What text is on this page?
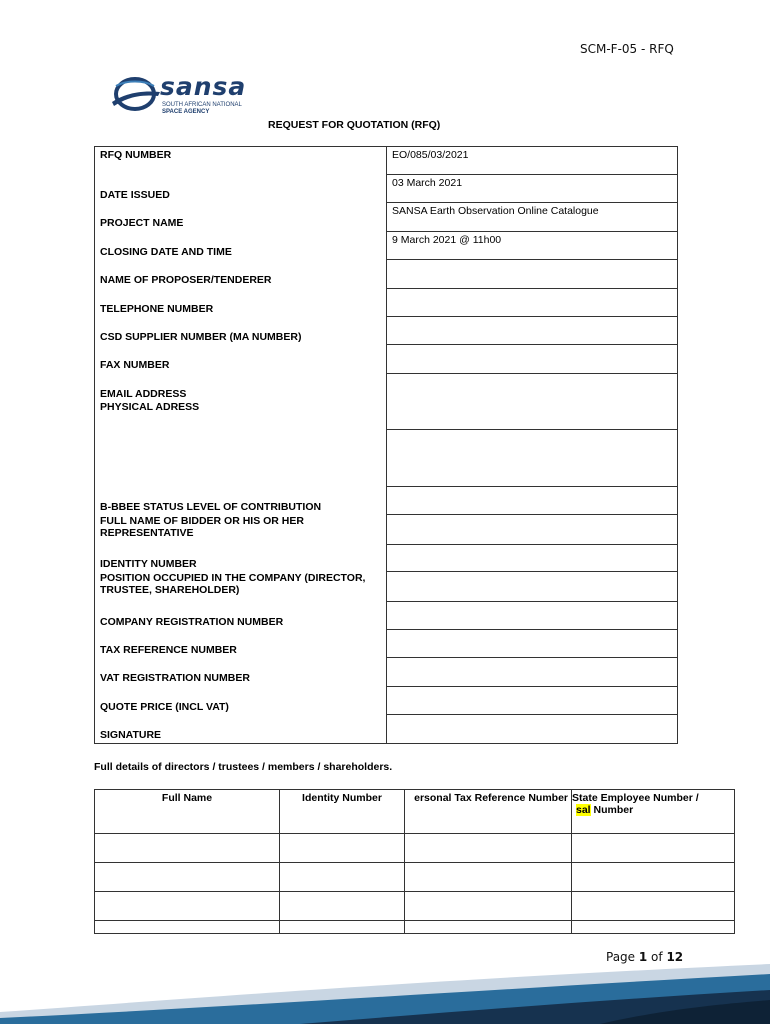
SCM-F-05 - RFQ
sansa
SOUTH AFRICAN NATIONAL
SPACE AGENCY
REQUEST FOR QUOTATION (RFQ)
RFQ NUMBER	EO/085/03/2021

DATE ISSUED	03 March 2021

PROJECT NAME	SANSA Earth Observation Online Catalogue

CLOSING DATE AND TIME	9 March 2021 @ 11h00

NAME OF PROPOSER/TENDERER	

TELEPHONE NUMBER	

CSD SUPPLIER NUMBER (MA NUMBER)	

FAX NUMBER	

EMAIL ADDRESS
PHYSICAL ADRESS	

B-BBEE STATUS LEVEL OF CONTRIBUTION	

FULL NAME OF BIDDER OR HIS OR HER REPRESENTATIVE	

IDENTITY NUMBER	

POSITION OCCUPIED IN THE COMPANY (DIRECTOR, TRUSTEE, SHAREHOLDER)	

COMPANY REGISTRATION NUMBER	

TAX REFERENCE NUMBER	

VAT REGISTRATION NUMBER	

QUOTE PRICE (INCL VAT)	

SIGNATURE	

Full details of directors / trustees / members / shareholders.
Full Name	Identity Number	ersonal Tax Reference Number	State Employee Number /
sal Number

Page 1 of 12
